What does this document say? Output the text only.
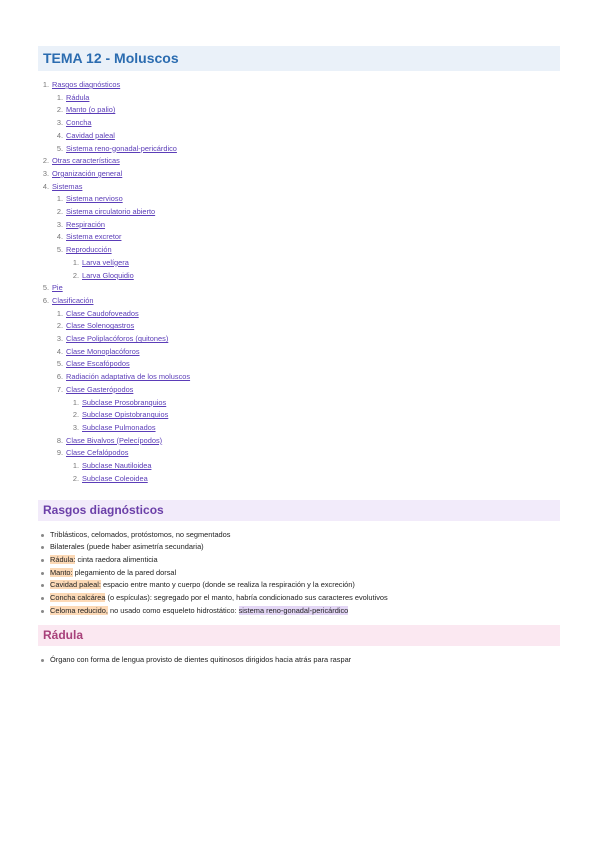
TEMA 12 - Moluscos
1. Rasgos diagnósticos
1. Rádula
2. Manto (o palio)
3. Concha
4. Cavidad paleal
5. Sistema reno-gonadal-pericárdico
2. Otras características
3. Organización general
4. Sistemas
1. Sistema nervioso
2. Sistema circulatorio abierto
3. Respiración
4. Sistema excretor
5. Reproducción
1. Larva velígera
2. Larva Gloquidio
5. Pie
6. Clasificación
1. Clase Caudofoveados
2. Clase Solenogastros
3. Clase Poliplacóforos (quitones)
4. Clase Monoplacóforos
5. Clase Escafópodos
6. Radiación adaptativa de los moluscos
7. Clase Gasterópodos
1. Subclase Prosobranquios
2. Subclase Opistobranquios
3. Subclase Pulmonados
8. Clase Bivalvos (Pelecípodos)
9. Clase Cefalópodos
1. Subclase Nautiloidea
2. Subclase Coleoidea
Rasgos diagnósticos
Triblásticos, celomados, protóstomos, no segmentados
Bilaterales (puede haber asimetría secundaria)
Rádula: cinta raedora alimenticia
Manto: plegamiento de la pared dorsal
Cavidad paleal: espacio entre manto y cuerpo (donde se realiza la respiración y la excreción)
Concha calcárea (o espículas): segregado por el manto, habría condicionado sus caracteres evolutivos
Celoma reducido, no usado como esqueleto hidrostático: sistema reno-gonadal-pericárdico
Rádula
Órgano con forma de lengua provisto de dientes quitinosos dirigidos hacia atrás para raspar
